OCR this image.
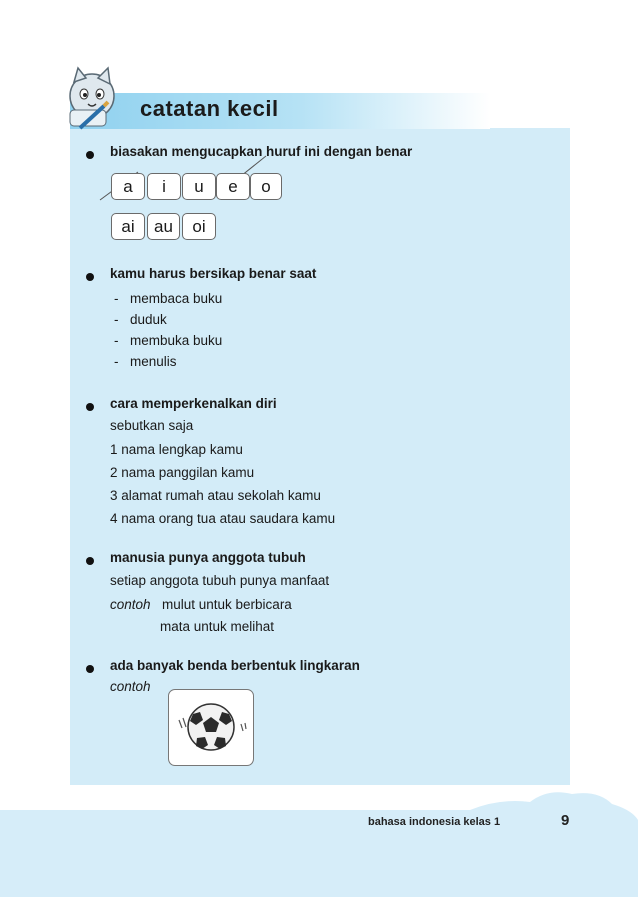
catatan kecil
biasakan mengucapkan huruf ini dengan benar
a	i	u	e	o
ai	au	oi
kamu harus bersikap benar saat
- membaca buku
- duduk
- membuka buku
- menulis
cara memperkenalkan diri
sebutkan saja
1 nama lengkap kamu
2 nama panggilan kamu
3 alamat rumah atau sekolah kamu
4 nama orang tua atau saudara kamu
manusia punya anggota tubuh
setiap anggota tubuh punya manfaat
contoh mulut untuk berbicara
mata untuk melihat
ada banyak benda berbentuk lingkaran
contoh
bahasa indonesia kelas 1	9
